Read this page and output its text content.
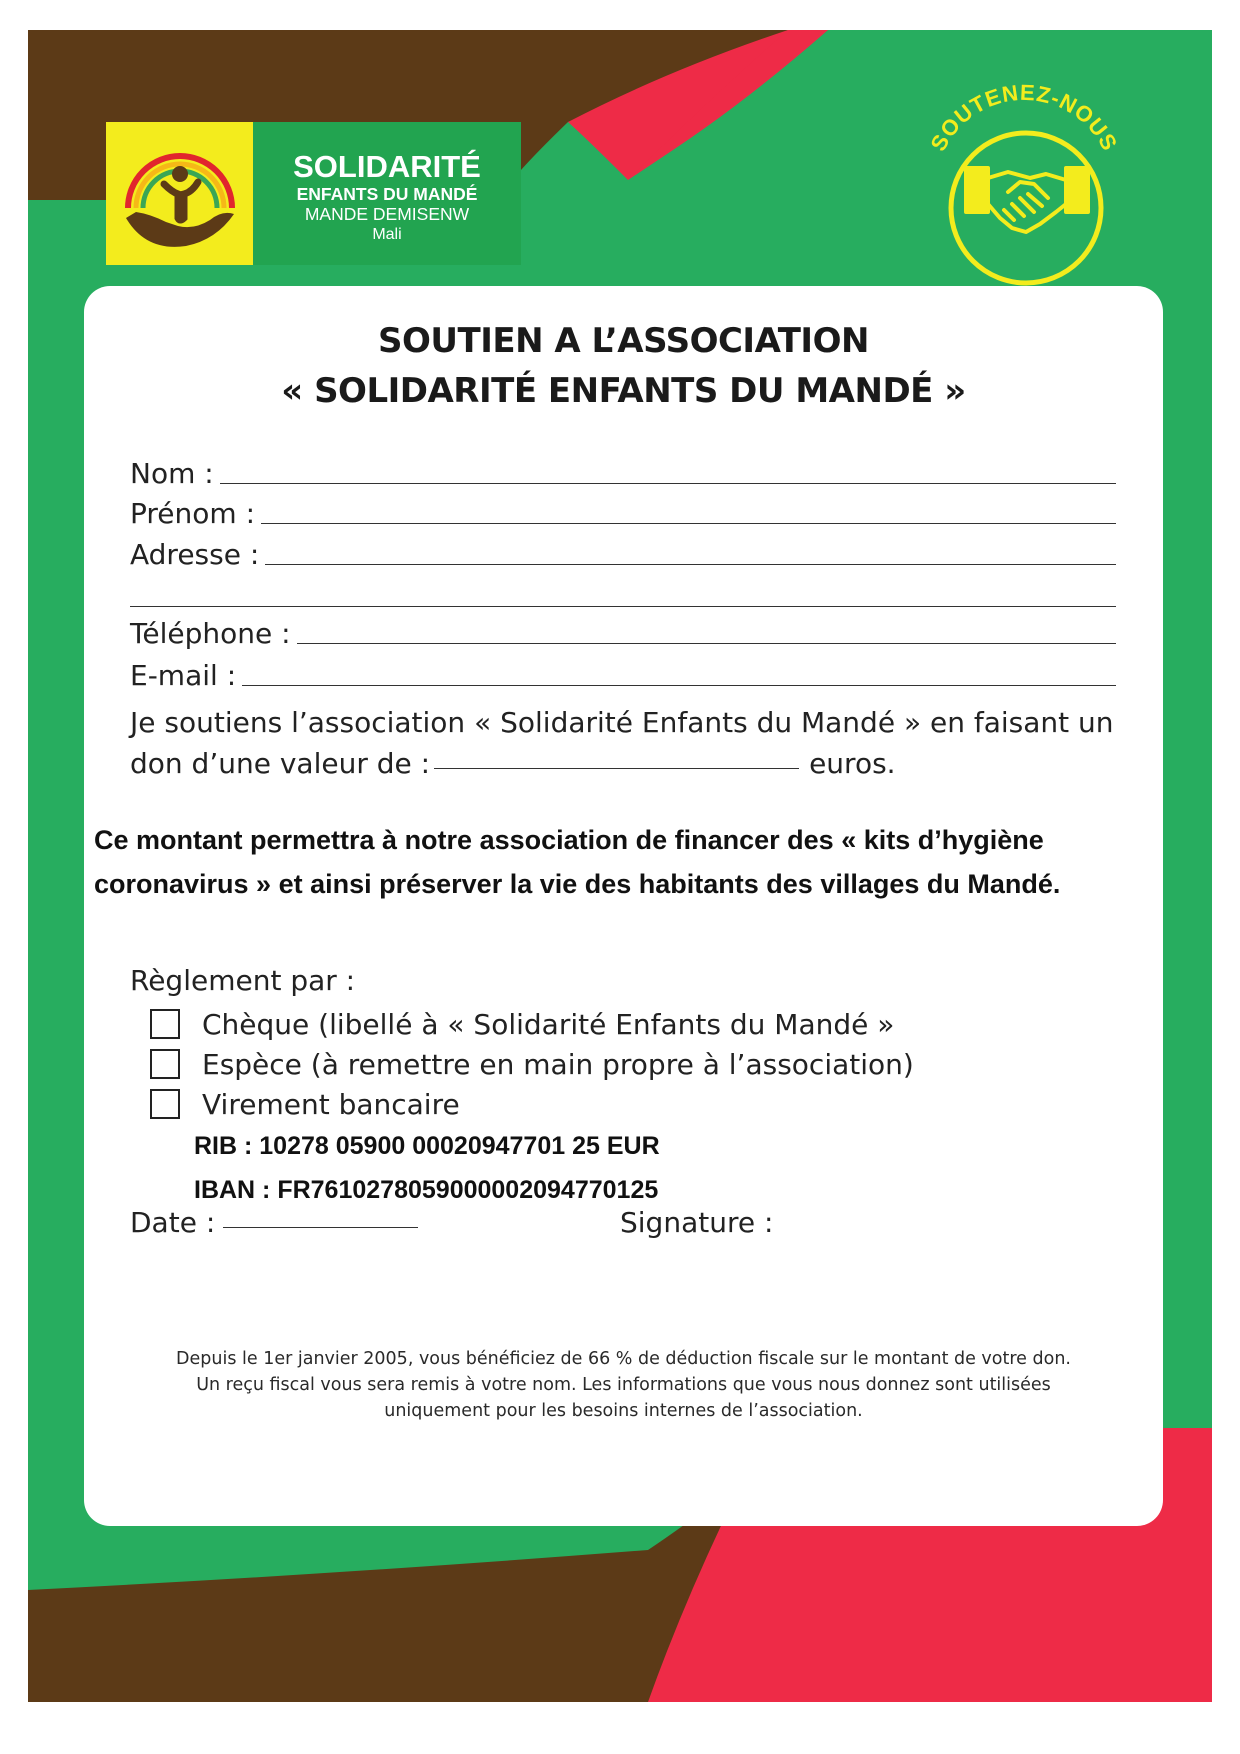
SOLIDARITÉ
ENFANTS DU MANDÉ
MANDE DEMISENW
Mali
SOUTENEZ-NOUS
SOUTIEN A L’ASSOCIATION
« SOLIDARITÉ ENFANTS DU MANDÉ »
Nom :
Prénom :
Adresse :
Téléphone :
E-mail :
Je soutiens l’association « Solidarité Enfants du Mandé » en faisant un
don d’une valeur de :	euros.

Ce montant permettra à notre association de financer des « kits d’hygiène

coronavirus » et ainsi préserver la vie des habitants des villages du Mandé.

Règlement par :
Chèque (libellé à « Solidarité Enfants du Mandé »
Espèce (à remettre en main propre à l’association)
Virement bancaire
RIB : 10278 05900 00020947701 25 EUR
IBAN : FR7610278059000002094770125
Date :	Signature :

Depuis le 1er janvier 2005, vous bénéficiez de 66 % de déduction fiscale sur le montant de votre don.

Un reçu fiscal vous sera remis à votre nom. Les informations que vous nous donnez sont utilisées

uniquement pour les besoins internes de l’association.

« Solidarité enfants du Mandé »

9 boucle des érables - 57100 Thionville

03 82 82 86 16
